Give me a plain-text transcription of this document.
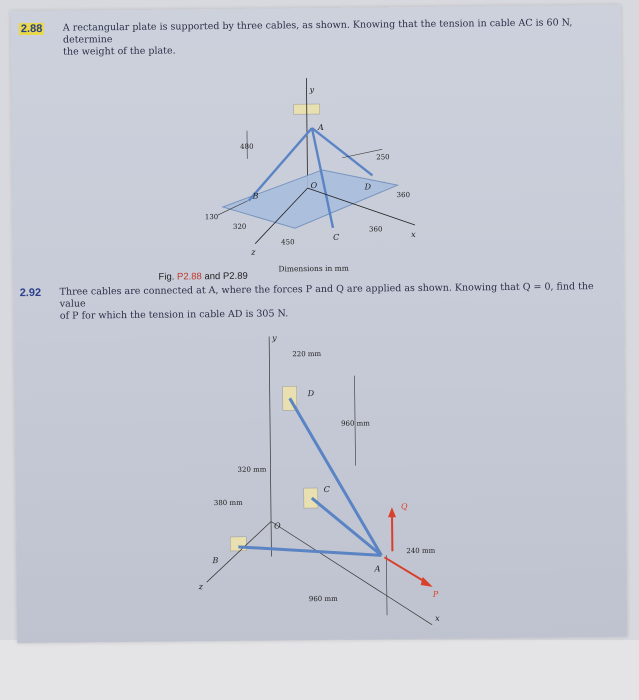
2.88 A rectangular plate is supported by three cables, as shown. Knowing that the tension in cable AC is 60 N, determine
the weight of the plate.
y
x
z
A
B
C
D
O
480
250
360
360
130
320
450
Dimensions in mm
Fig. P2.88 and P2.89
2.92 Three cables are connected at A, where the forces P and Q are applied as shown. Knowing that Q = 0, find the value
of P for which the tension in cable AD is 305 N.
y
x
z
D
C
O
B
A
Q
P
220 mm
960 mm
320 mm
380 mm
240 mm
960 mm
